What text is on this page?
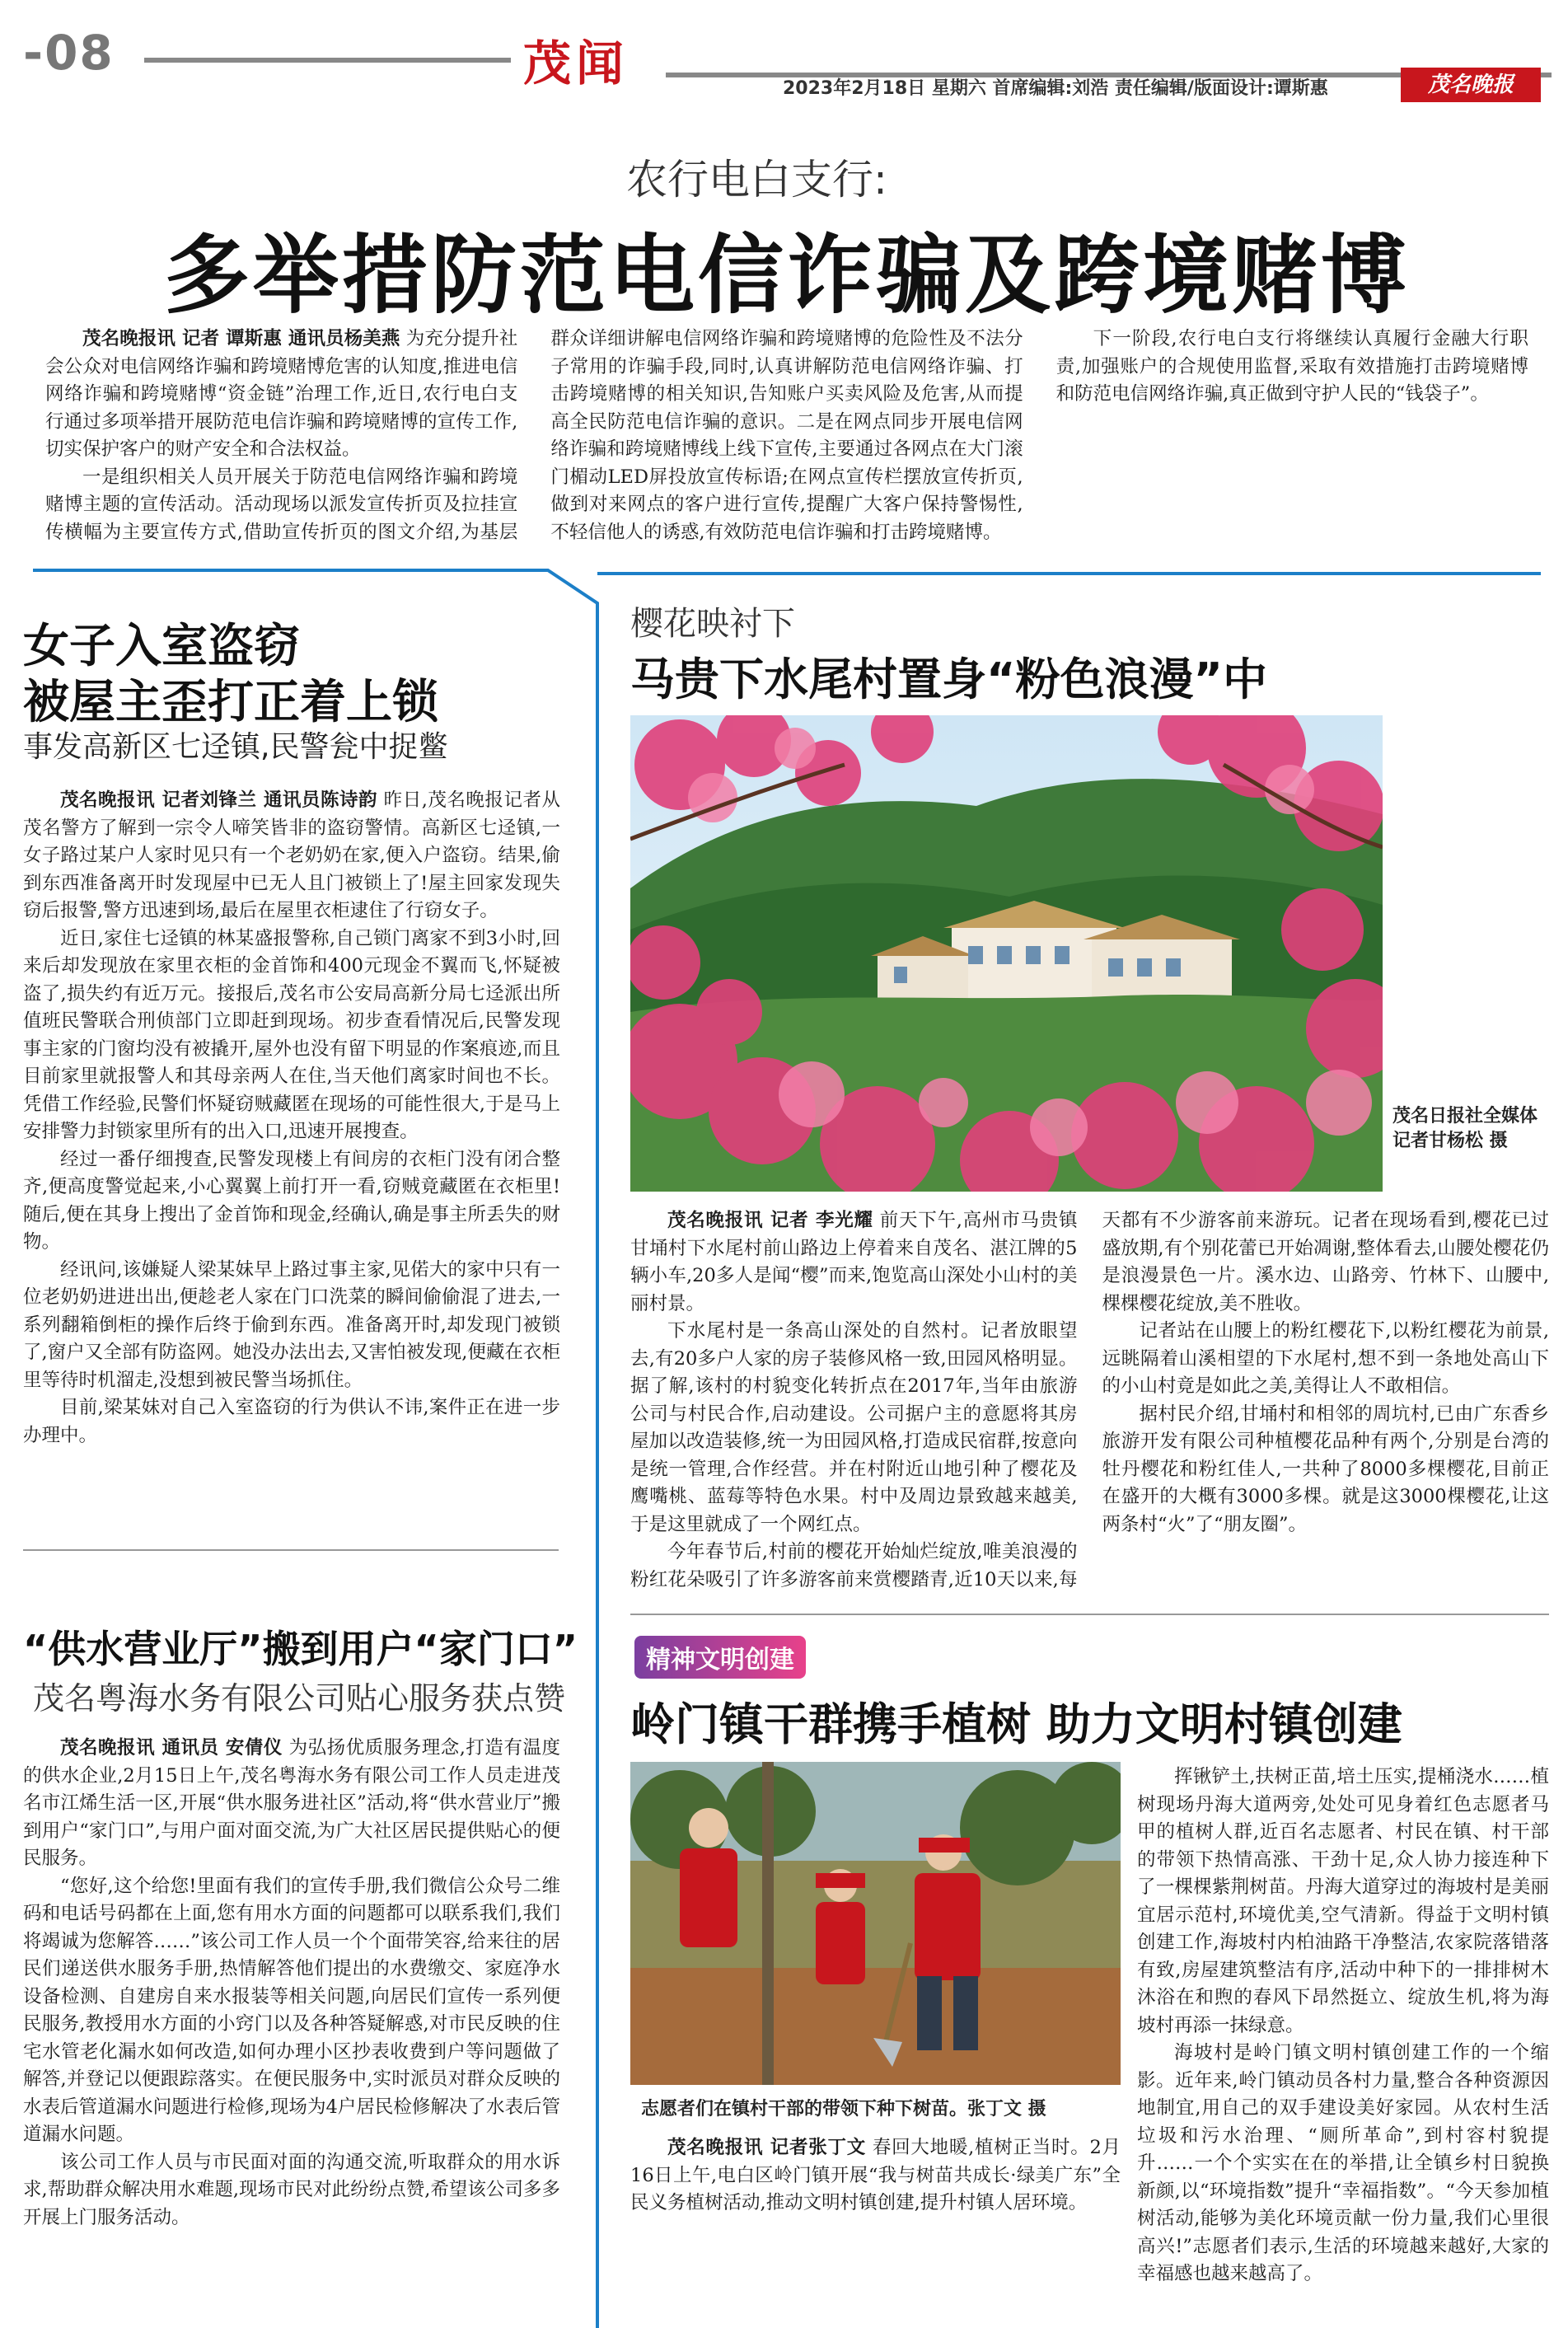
-08	茂闻	2023年2月18日 星期六 首席编辑:刘浩 责任编辑/版面设计:谭斯惠	茂名晚报
农行电白支行:
多举措防范电信诈骗及跨境赌博

茂名晚报讯 记者 谭斯惠 通讯员杨美燕 为充分提升社会公众对电信网络诈骗和跨境赌博危害的认知度,推进电信网络诈骗和跨境赌博“资金链”治理工作,近日,农行电白支行通过多项举措开展防范电信诈骗和跨境赌博的宣传工作,切实保护客户的财产安全和合法权益。

一是组织相关人员开展关于防范电信网络诈骗和跨境赌博主题的宣传活动。活动现场以派发宣传折页及拉挂宣传横幅为主要宣传方式,借助宣传折页的图文介绍,为基层群众详细讲解电信网络诈骗和跨境赌博的危险性及不法分子常用的诈骗手段,同时,认真讲解防范电信网络诈骗、打击跨境赌博的相关知识,告知账户买卖风险及危害,从而提高全民防范电信诈骗的意识。二是在网点同步开展电信网络诈骗和跨境赌博线上线下宣传,主要通过各网点在大门滚门楣动LED屏投放宣传标语;在网点宣传栏摆放宣传折页,做到对来网点的客户进行宣传,提醒广大客户保持警惕性,不轻信他人的诱惑,有效防范电信诈骗和打击跨境赌博。

下一阶段,农行电白支行将继续认真履行金融大行职责,加强账户的合规使用监督,采取有效措施打击跨境赌博和防范电信网络诈骗,真正做到守护人民的“钱袋子”。

女子入室盗窃
被屋主歪打正着上锁
事发高新区七迳镇,民警瓮中捉鳖

茂名晚报讯 记者刘锋兰 通讯员陈诗韵 昨日,茂名晚报记者从茂名警方了解到一宗令人啼笑皆非的盗窃警情。高新区七迳镇,一女子路过某户人家时见只有一个老奶奶在家,便入户盗窃。结果,偷到东西准备离开时发现屋中已无人且门被锁上了!屋主回家发现失窃后报警,警方迅速到场,最后在屋里衣柜逮住了行窃女子。

近日,家住七迳镇的林某盛报警称,自己锁门离家不到3小时,回来后却发现放在家里衣柜的金首饰和400元现金不翼而飞,怀疑被盗了,损失约有近万元。接报后,茂名市公安局高新分局七迳派出所值班民警联合刑侦部门立即赶到现场。初步查看情况后,民警发现事主家的门窗均没有被撬开,屋外也没有留下明显的作案痕迹,而且目前家里就报警人和其母亲两人在住,当天他们离家时间也不长。凭借工作经验,民警们怀疑窃贼藏匿在现场的可能性很大,于是马上安排警力封锁家里所有的出入口,迅速开展搜查。

经过一番仔细搜查,民警发现楼上有间房的衣柜门没有闭合整齐,便高度警觉起来,小心翼翼上前打开一看,窃贼竟藏匿在衣柜里!随后,便在其身上搜出了金首饰和现金,经确认,确是事主所丢失的财物。

经讯问,该嫌疑人梁某妹早上路过事主家,见偌大的家中只有一位老奶奶进进出出,便趁老人家在门口洗菜的瞬间偷偷混了进去,一系列翻箱倒柜的操作后终于偷到东西。准备离开时,却发现门被锁了,窗户又全部有防盗网。她没办法出去,又害怕被发现,便藏在衣柜里等待时机溜走,没想到被民警当场抓住。

目前,梁某妹对自己入室盗窃的行为供认不讳,案件正在进一步办理中。

“供水营业厅”搬到用户“家门口”
茂名粤海水务有限公司贴心服务获点赞

茂名晚报讯 通讯员 安倩仪 为弘扬优质服务理念,打造有温度的供水企业,2月15日上午,茂名粤海水务有限公司工作人员走进茂名市江烯生活一区,开展“供水服务进社区”活动,将“供水营业厅”搬到用户“家门口”,与用户面对面交流,为广大社区居民提供贴心的便民服务。

“您好,这个给您!里面有我们的宣传手册,我们微信公众号二维码和电话号码都在上面,您有用水方面的问题都可以联系我们,我们将竭诚为您解答……”该公司工作人员一个个面带笑容,给来往的居民们递送供水服务手册,热情解答他们提出的水费缴交、家庭净水设备检测、自建房自来水报装等相关问题,向居民们宣传一系列便民服务,教授用水方面的小窍门以及各种答疑解惑,对市民反映的住宅水管老化漏水如何改造,如何办理小区抄表收费到户等问题做了解答,并登记以便跟踪落实。在便民服务中,实时派员对群众反映的水表后管道漏水问题进行检修,现场为4户居民检修解决了水表后管道漏水问题。

该公司工作人员与市民面对面的沟通交流,听取群众的用水诉求,帮助群众解决用水难题,现场市民对此纷纷点赞,希望该公司多多开展上门服务活动。

樱花映衬下
马贵下水尾村置身“粉色浪漫”中
茂名日报社全媒体记者甘杨松 摄

茂名晚报讯 记者 李光耀 前天下午,高州市马贵镇甘埇村下水尾村前山路边上停着来自茂名、湛江牌的5辆小车,20多人是闻“樱”而来,饱览高山深处小山村的美丽村景。

下水尾村是一条高山深处的自然村。记者放眼望去,有20多户人家的房子装修风格一致,田园风格明显。据了解,该村的村貌变化转折点在2017年,当年由旅游公司与村民合作,启动建设。公司据户主的意愿将其房屋加以改造装修,统一为田园风格,打造成民宿群,按意向是统一管理,合作经营。并在村附近山地引种了樱花及鹰嘴桃、蓝莓等特色水果。村中及周边景致越来越美,于是这里就成了一个网红点。

今年春节后,村前的樱花开始灿烂绽放,唯美浪漫的粉红花朵吸引了许多游客前来赏樱踏青,近10天以来,每天都有不少游客前来游玩。记者在现场看到,樱花已过盛放期,有个别花蕾已开始凋谢,整体看去,山腰处樱花仍是浪漫景色一片。溪水边、山路旁、竹林下、山腰中,棵棵樱花绽放,美不胜收。

记者站在山腰上的粉红樱花下,以粉红樱花为前景,远眺隔着山溪相望的下水尾村,想不到一条地处高山下的小山村竟是如此之美,美得让人不敢相信。

据村民介绍,甘埇村和相邻的周坑村,已由广东香乡旅游开发有限公司种植樱花品种有两个,分别是台湾的牡丹樱花和粉红佳人,一共种了8000多棵樱花,目前正在盛开的大概有3000多棵。就是这3000棵樱花,让这两条村“火”了“朋友圈”。

精神文明创建
岭门镇干群携手植树 助力文明村镇创建
志愿者们在镇村干部的带领下种下树苗。张丁文 摄

茂名晚报讯 记者张丁文 春回大地暖,植树正当时。2月16日上午,电白区岭门镇开展“我与树苗共成长·绿美广东”全民义务植树活动,推动文明村镇创建,提升村镇人居环境。

挥锹铲土,扶树正苗,培土压实,提桶浇水……植树现场丹海大道两旁,处处可见身着红色志愿者马甲的植树人群,近百名志愿者、村民在镇、村干部的带领下热情高涨、干劲十足,众人协力接连种下了一棵棵紫荆树苗。丹海大道穿过的海坡村是美丽宜居示范村,环境优美,空气清新。得益于文明村镇创建工作,海坡村内柏油路干净整洁,农家院落错落有致,房屋建筑整洁有序,活动中种下的一排排树木沐浴在和煦的春风下昂然挺立、绽放生机,将为海坡村再添一抹绿意。

海坡村是岭门镇文明村镇创建工作的一个缩影。近年来,岭门镇动员各村力量,整合各种资源因地制宜,用自己的双手建设美好家园。从农村生活垃圾和污水治理、“厕所革命”,到村容村貌提升……一个个实实在在的举措,让全镇乡村日貌换新颜,以“环境指数”提升“幸福指数”。“今天参加植树活动,能够为美化环境贡献一份力量,我们心里很高兴!”志愿者们表示,生活的环境越来越好,大家的幸福感也越来越高了。
